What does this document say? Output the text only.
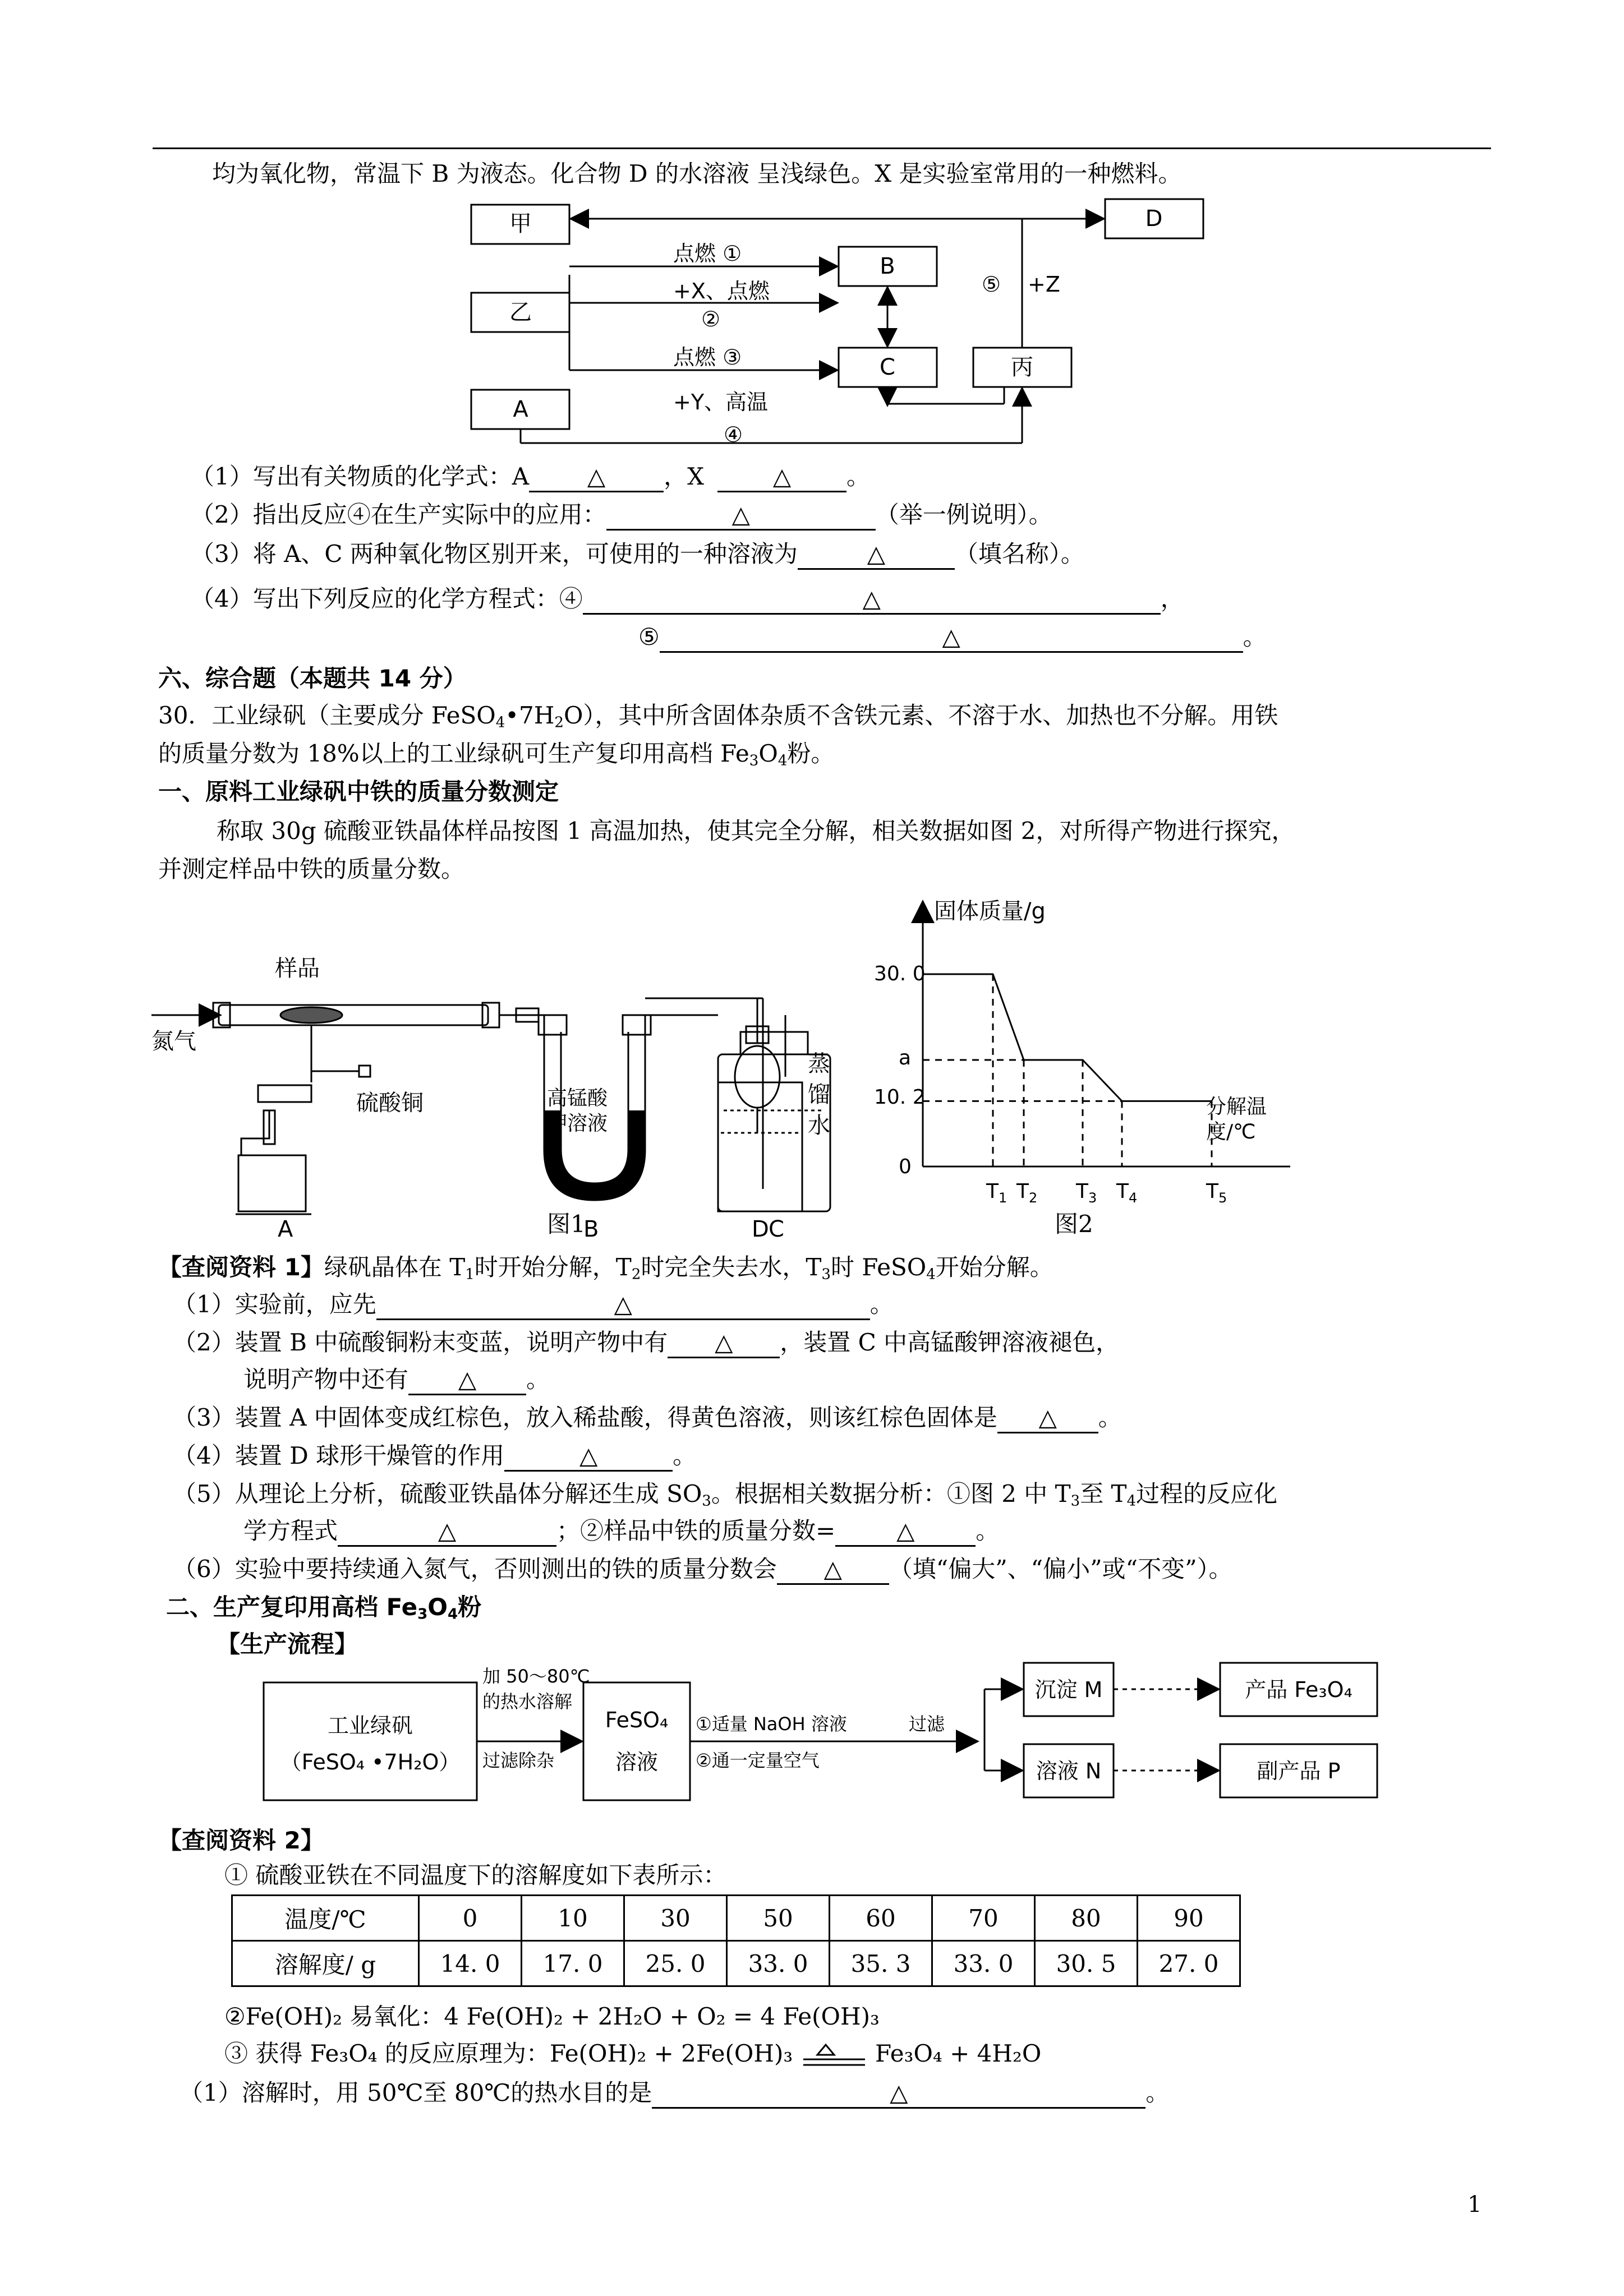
均为氧化物，常温下 B 为液态。化合物 D 的水溶液 呈浅绿色。X 是实验室常用的一种燃料。
甲
乙
A
B
C
D
丙
点燃 ①
+X、点燃
②
点燃 ③
+Y、高温
④
⑤ +Z
（1）写出有关物质的化学式：A △ ，X	△ 。
（2）指出反应④在生产实际中的应用：	△	（举一例说明）。
（3）将 A、C 两种氧化物区别开来，可使用的一种溶液为	△	（填名称）。
（4）写出下列反应的化学方程式：④	△	，
⑤	△	。
六、综合题（本题共 14 分）
30．工业绿矾（主要成分 $FeSO_4•7H_2O$），其中所含固体杂质不含铁元素、不溶于水、加热也不分解。用铁
的质量分数为 18%以上的工业绿矾可生产复印用高档 $Fe_3O_4$粉。
一、原料工业绿矾中铁的质量分数测定
称取 30g 硫酸亚铁晶体样品按图 1 高温加热，使其完全分解，相关数据如图 2，对所得产物进行探究，
并测定样品中铁的质量分数。
样品
氮气
硫酸铜	高锰酸
钾溶液
A	B	C
蒸
馏
水
D
图1
固体质量/g
分解温
度/℃
30. 0
a
10. 2
0
$T_1$ $T_2$ $T_3$ $T_4$	$T_5$
图2
【查阅资料 1】绿矾晶体在 $T_1$时开始分解，$T_2$时完全失去水，$T_3$时 FeSO$_4$开始分解。
（1）实验前，应先	△	。
（2）装置 B 中硫酸铜粉末变蓝，说明产物中有 △ ，装置 C 中高锰酸钾溶液褪色，
说明产物中还有 △ 。
（3）装置 A 中固体变成红棕色，放入稀盐酸，得黄色溶液，则该红棕色固体是 △ 。
（4）装置 D 球形干燥管的作用	△	。
（5）从理论上分析，硫酸亚铁晶体分解还生成 $SO_3$。根据相关数据分析：①图 2 中 $T_3$至 $T_4$过程的反应化
学方程式	△	；②样品中铁的质量分数=	△	。
（6）实验中要持续通入氮气，否则测出的铁的质量分数会 △ （填“偏大”、“偏小”或“不变”）。
二、生产复印用高档 $Fe_3O_4$粉
【生产流程】
工业绿矾
（FeSO₄ •7H₂O）
FeSO₄
溶液
沉淀 M
溶液 N
产品 Fe₃O₄
副产品 P
加 50～80℃
的热水溶解
过滤除杂
①适量 NaOH 溶液
②通一定量空气
过滤
【查阅资料 2】
① 硫酸亚铁在不同温度下的溶解度如下表所示：
温度/℃	0	10	30	50	60	70	80	90
溶解度/ g	14. 0	17. 0	25. 0	33. 0	35. 3	33. 0	30. 5	27. 0
②Fe(OH)₂ 易氧化：4 Fe(OH)₂ + 2H₂O + O₂ = 4 Fe(OH)₃
③ 获得 Fe₃O₄ 的反应原理为：Fe(OH)₂ + 2Fe(OH)₃	Fe₃O₄ + 4H₂O
（1）溶解时，用 50℃至 80℃的热水目的是	△	。
1
